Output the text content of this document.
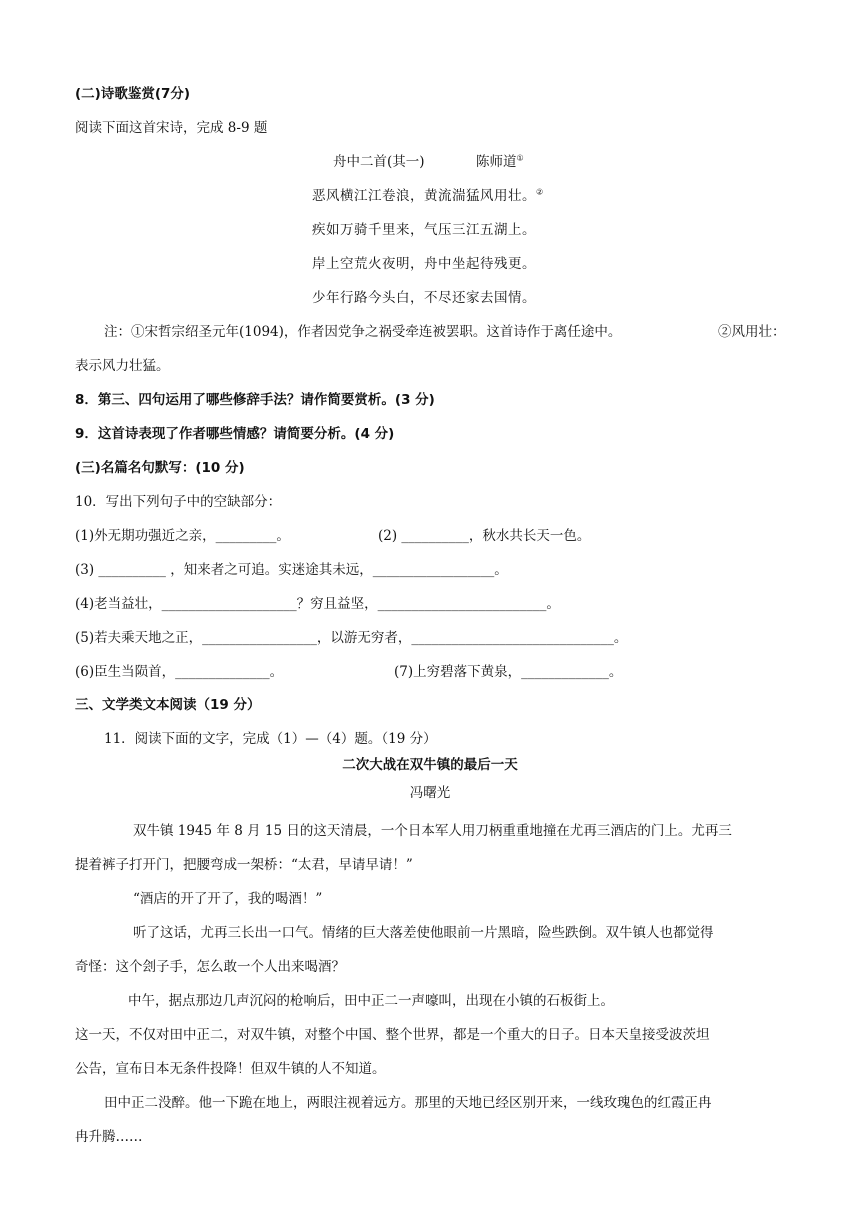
(二)诗歌鉴赏(7分)
阅读下面这首宋诗，完成 8-9 题
舟中二首(其一)	陈师道①
恶风横江江卷浪，黄流湍猛风用壮。②
疾如万骑千里来，气压三江五湖上。
岸上空荒火夜明，舟中坐起待残更。
少年行路今头白，不尽还家去国情。
注：①宋哲宗绍圣元年(1094)，作者因党争之祸受牵连被罢职。这首诗作于离任途中。	②风用壮：
表示风力壮猛。
8．第三、四句运用了哪些修辞手法？请作简要赏析。(3 分)
9．这首诗表现了作者哪些情感？请简要分析。(4 分)
(三)名篇名句默写：(10 分)
10．写出下列句子中的空缺部分：
(1)外无期功强近之亲，_________。	(2) __________，秋水共长天一色。
(3) __________ ，知来者之可追。实迷途其未远，__________________。
(4)老当益壮，____________________？穷且益坚，_________________________。
(5)若夫乘天地之正，_________________，以游无穷者，______________________________。
(6)臣生当陨首，______________。	(7)上穷碧落下黄泉，_____________。
三、文学类文本阅读（19 分）
11．阅读下面的文字，完成（1）—（4）题。（19 分）
二次大战在双牛镇的最后一天
冯曙光
双牛镇 1945 年 8 月 15 日的这天清晨，一个日本军人用刀柄重重地撞在尤再三酒店的门上。尤再三
提着裤子打开门，把腰弯成一架桥：“太君，早请早请！”
“酒店的开了开了，我的喝酒！”
听了这话，尤再三长出一口气。情绪的巨大落差使他眼前一片黑暗，险些跌倒。双牛镇人也都觉得
奇怪：这个刽子手，怎么敢一个人出来喝酒？
中午，据点那边几声沉闷的枪响后，田中正二一声嚎叫，出现在小镇的石板街上。
这一天，不仅对田中正二，对双牛镇，对整个中国、整个世界，都是一个重大的日子。日本天皇接受波茨坦
公告，宣布日本无条件投降！但双牛镇的人不知道。
田中正二没醉。他一下跪在地上，两眼注视着远方。那里的天地已经区别开来，一线玫瑰色的红霞正冉
冉升腾……
